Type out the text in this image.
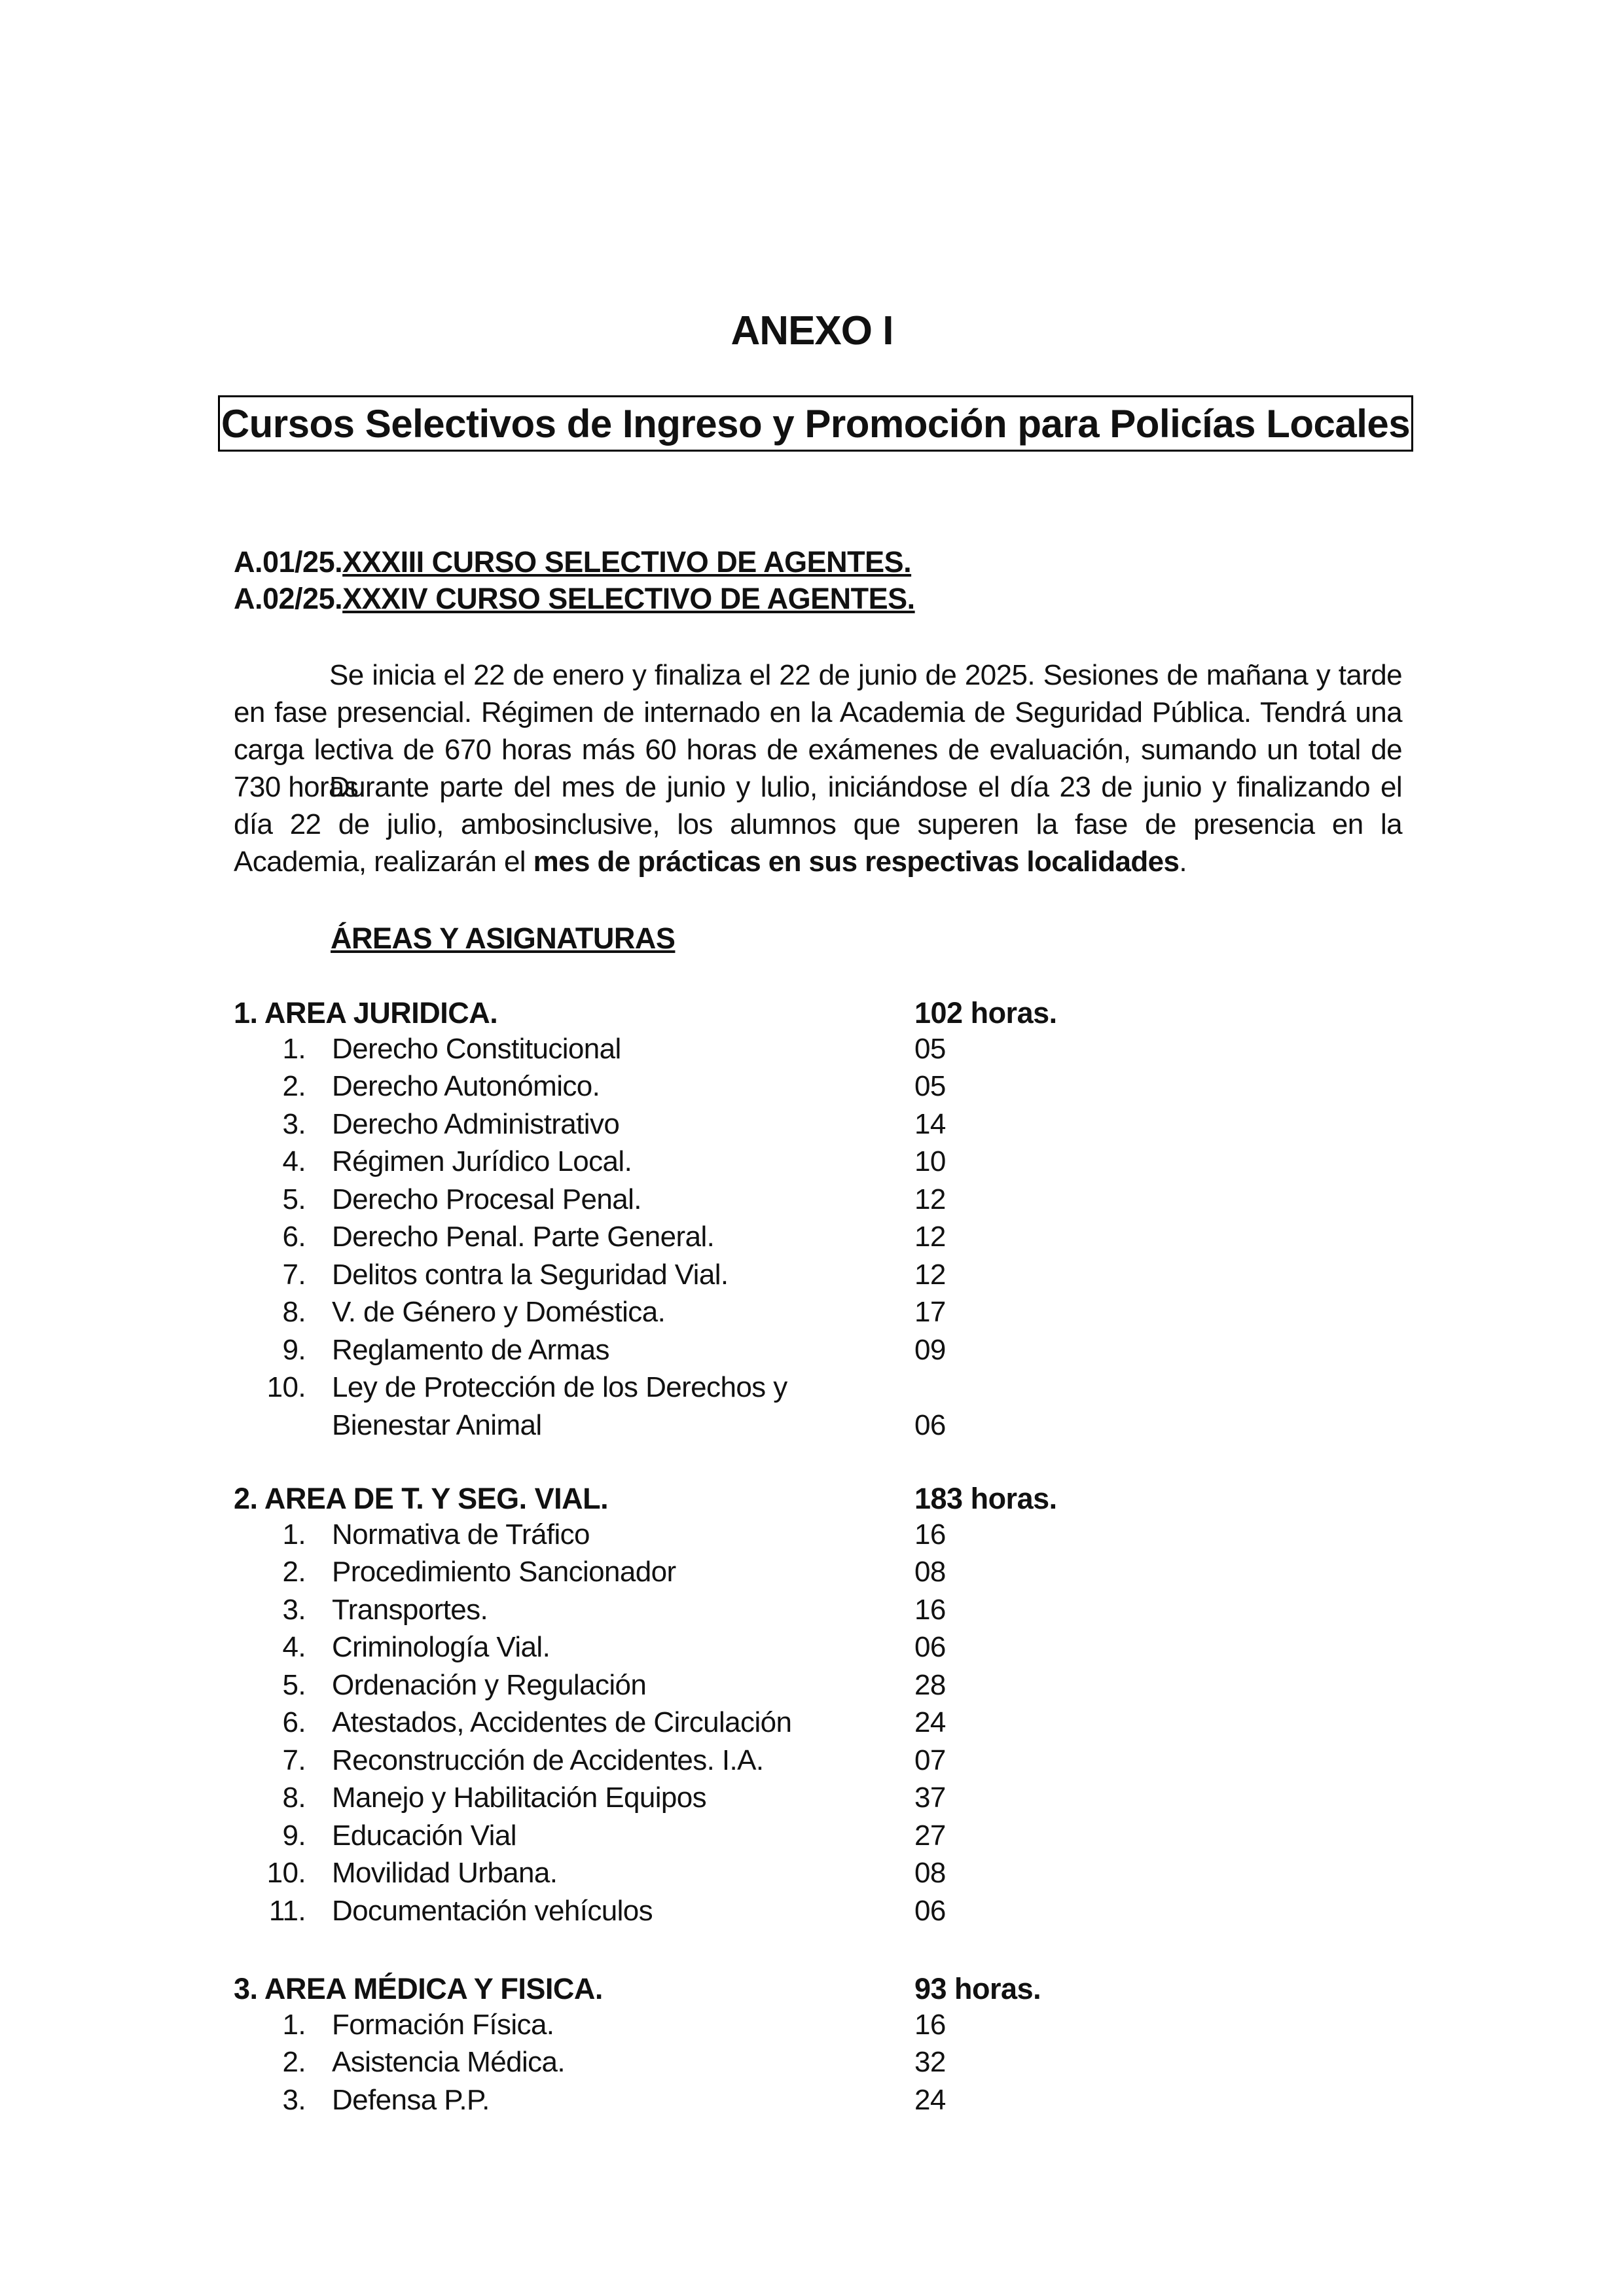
ANEXO I
Cursos Selectivos de Ingreso y Promoción para Policías Locales
A.01/25.XXXIII CURSO SELECTIVO DE AGENTES.
A.02/25.XXXIV CURSO SELECTIVO DE AGENTES.
Se inicia el 22 de enero y finaliza el 22 de junio de 2025. Sesiones de mañana y tarde en fase presencial. Régimen de internado en la Academia de Seguridad Pública. Tendrá una carga lectiva de 670 horas más 60 horas de exámenes de evaluación, sumando un total de 730 horas.
Durante parte del mes de junio y lulio, iniciándose el día 23 de junio y finalizando el día 22 de julio, ambosinclusive, los alumnos que superen la fase de presencia en la Academia, realizarán el mes de prácticas en sus respectivas localidades.
ÁREAS Y ASIGNATURAS
1. AREA JURIDICA.	102 horas.
1. Derecho Constitucional	05
2. Derecho Autonómico.	05
3. Derecho Administrativo	14
4. Régimen Jurídico Local.	10
5. Derecho Procesal Penal.	12
6. Derecho Penal. Parte General.	12
7. Delitos contra la Seguridad Vial.	12
8. V. de Género y Doméstica.	17
9. Reglamento de Armas	09
10. Ley de Protección de los Derechos y
Bienestar Animal	06
2. AREA DE T. Y SEG. VIAL.	183 horas.
1. Normativa de Tráfico	16
2. Procedimiento Sancionador	08
3. Transportes.	16
4. Criminología Vial.	06
5. Ordenación y Regulación	28
6. Atestados, Accidentes de Circulación	24
7. Reconstrucción de Accidentes. I.A.	07
8. Manejo y Habilitación Equipos	37
9. Educación Vial	27
10. Movilidad Urbana.	08
11. Documentación vehículos	06
3. AREA MÉDICA Y FISICA.	93 horas.
1. Formación Física.	16
2. Asistencia Médica.	32
3. Defensa P.P.	24
